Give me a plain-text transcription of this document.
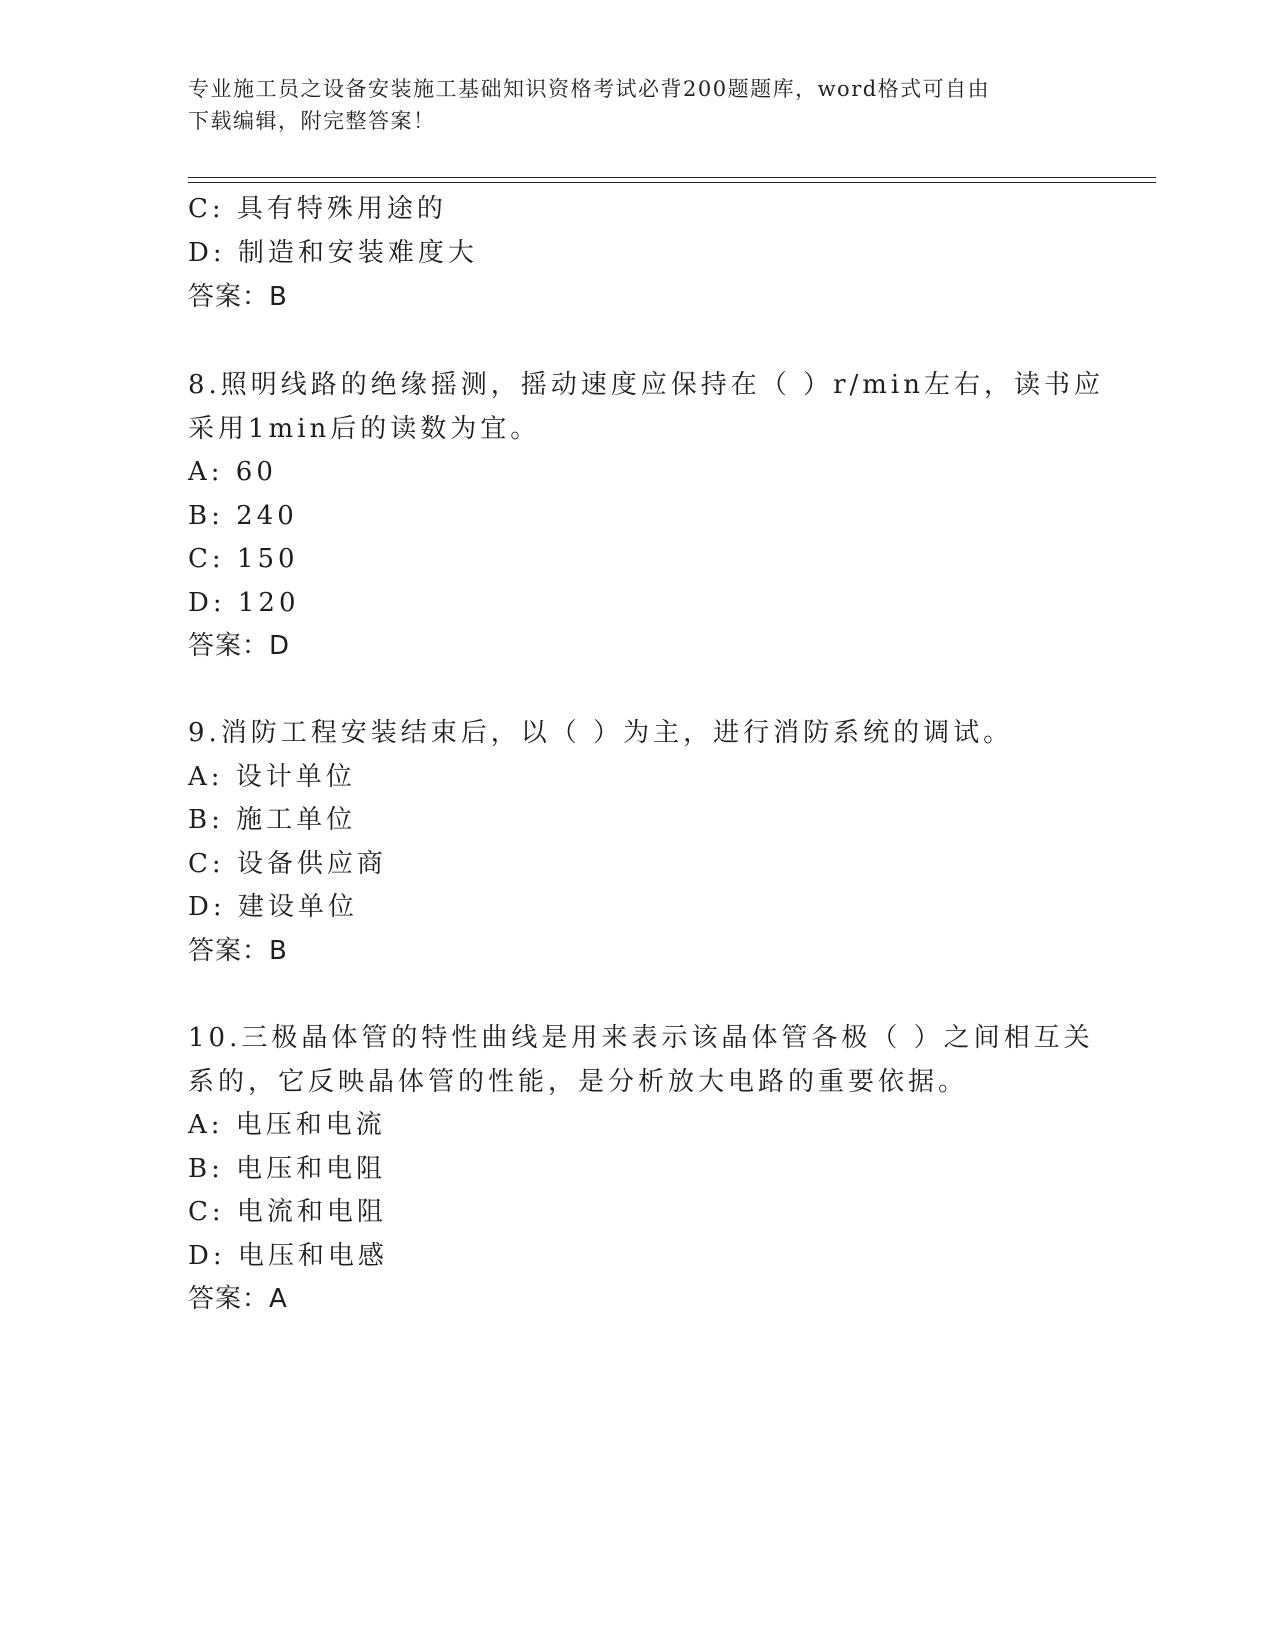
专业施工员之设备安装施工基础知识资格考试必背200题题库，word格式可自由
下载编辑，附完整答案！
C: 具有特殊用途的
D: 制造和安装难度大
答案：B
8.照明线路的绝缘摇测，摇动速度应保持在（ ）r/min左右，读书应
采用1min后的读数为宜。
A: 60
B: 240
C: 150
D: 120
答案：D
9.消防工程安装结束后，以（ ）为主，进行消防系统的调试。
A: 设计单位
B: 施工单位
C: 设备供应商
D: 建设单位
答案：B
10.三极晶体管的特性曲线是用来表示该晶体管各极（ ）之间相互关
系的，它反映晶体管的性能，是分析放大电路的重要依据。
A: 电压和电流
B: 电压和电阻
C: 电流和电阻
D: 电压和电感
答案：A
